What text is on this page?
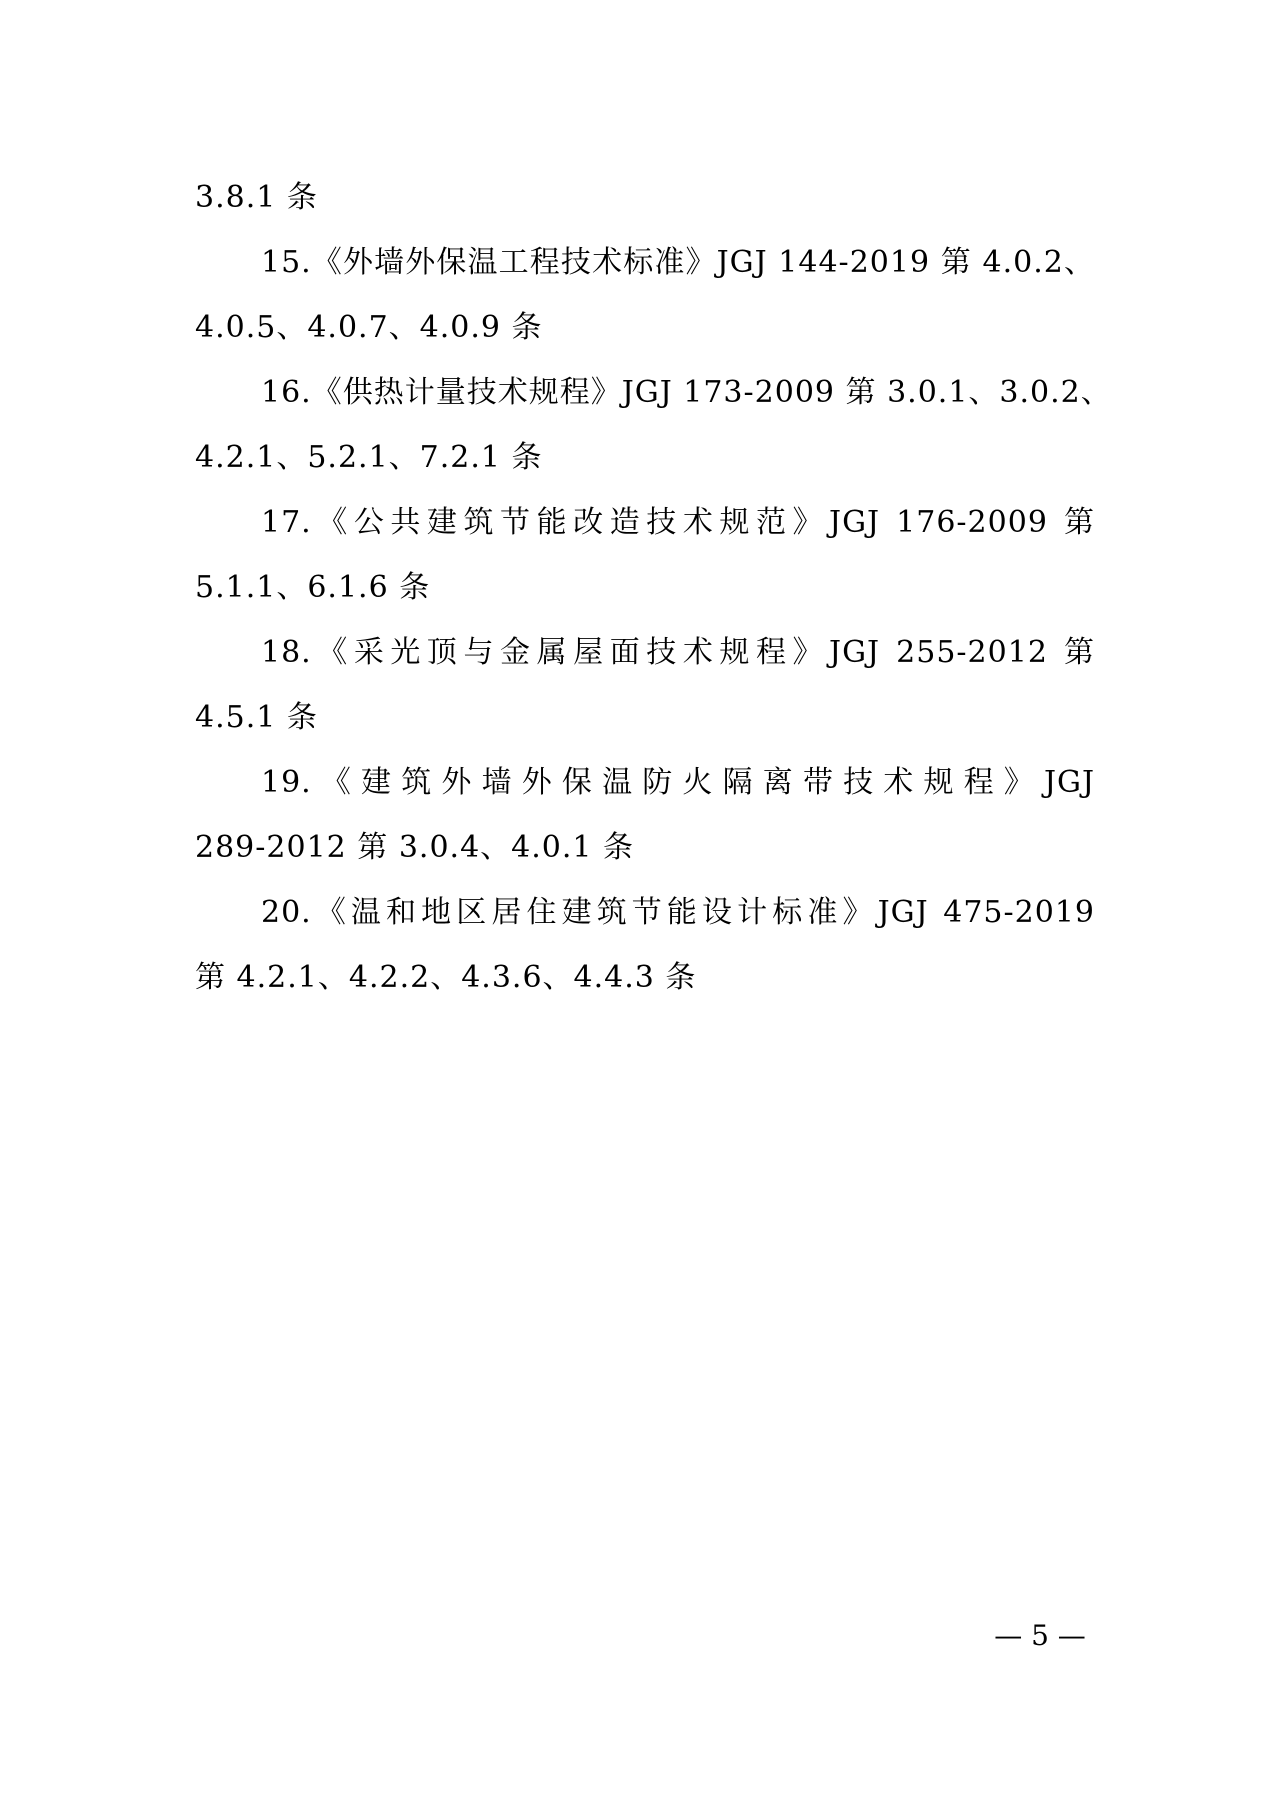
3.8.1 条
15.《外墙外保温工程技术标准》JGJ 144-2019 第 4.0.2、
4.0.5、4.0.7、4.0.9 条
16.《供热计量技术规程》JGJ 173-2009 第 3.0.1、3.0.2、
4.2.1、5.2.1、7.2.1 条
17.《公共建筑节能改造技术规范》JGJ 176-2009 第
5.1.1、6.1.6 条
18.《采光顶与金属屋面技术规程》JGJ 255-2012 第
4.5.1 条
19.《建筑外墙外保温防火隔离带技术规程》JGJ
289-2012 第 3.0.4、4.0.1 条
20.《温和地区居住建筑节能设计标准》JGJ 475-2019
第 4.2.1、4.2.2、4.3.6、4.4.3 条
— 5 —
